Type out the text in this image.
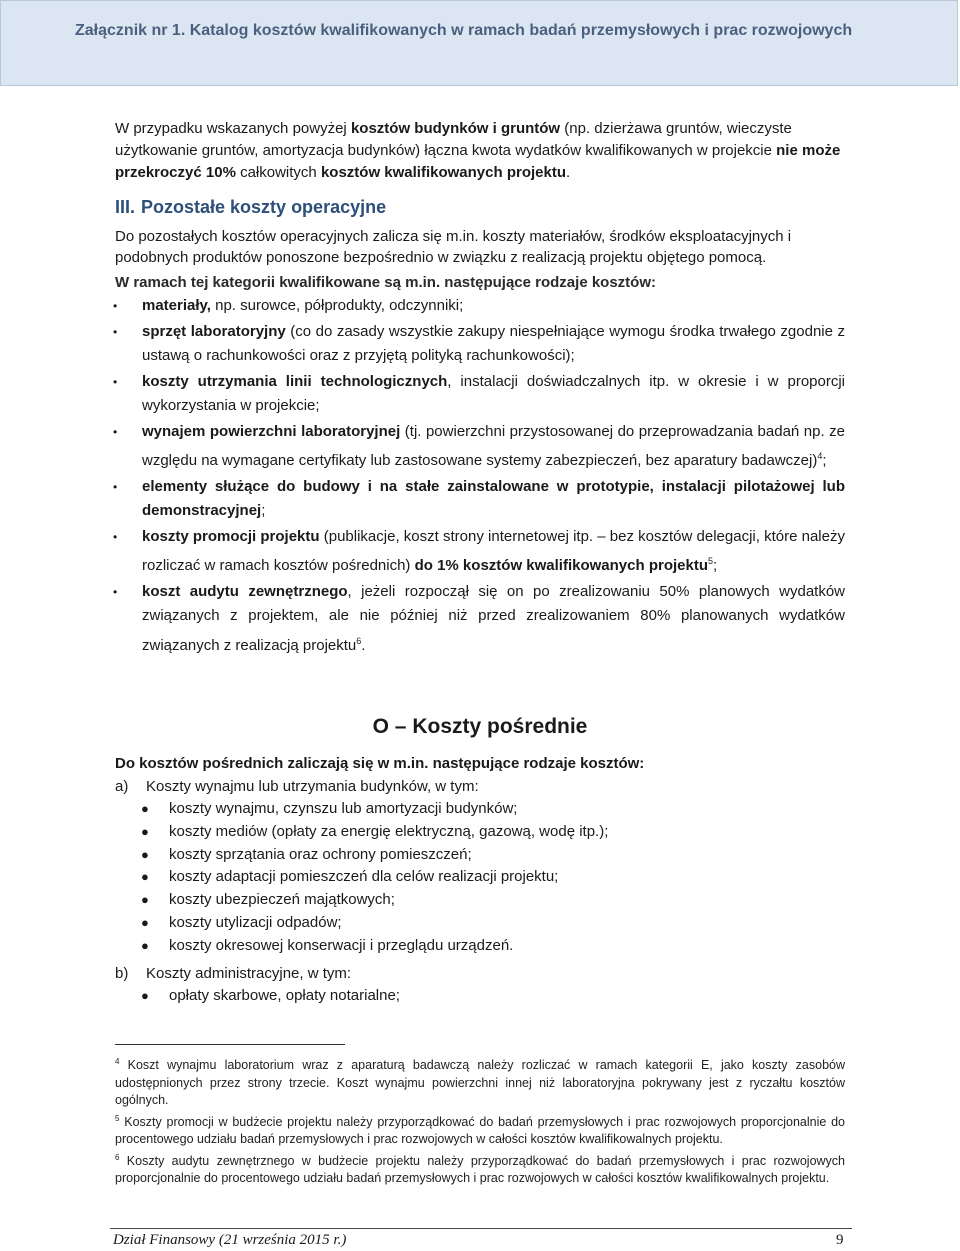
Załącznik nr 1. Katalog kosztów kwalifikowanych w ramach badań przemysłowych i prac rozwojowych

W przypadku wskazanych powyżej kosztów budynków i gruntów (np. dzierżawa gruntów, wieczyste użytkowanie gruntów, amortyzacja budynków) łączna kwota wydatków kwalifikowanych w projekcie nie może przekroczyć 10% całkowitych kosztów kwalifikowanych projektu.

III. Pozostałe koszty operacyjne

Do pozostałych kosztów operacyjnych zalicza się m.in. koszty materiałów, środków eksploatacyjnych i podobnych produktów ponoszone bezpośrednio w związku z realizacją projektu objętego pomocą.

W ramach tej kategorii kwalifikowane są m.in. następujące rodzaje kosztów:

• materiały, np. surowce, półprodukty, odczynniki;
• sprzęt laboratoryjny (co do zasady wszystkie zakupy niespełniające wymogu środka trwałego zgodnie z ustawą o rachunkowości oraz z przyjętą polityką rachunkowości);
• koszty utrzymania linii technologicznych, instalacji doświadczalnych itp. w okresie i w proporcji wykorzystania w projekcie;
• wynajem powierzchni laboratoryjnej (tj. powierzchni przystosowanej do przeprowadzania badań np. ze względu na wymagane certyfikaty lub zastosowane systemy zabezpieczeń, bez aparatury badawczej)$^4$;
• elementy służące do budowy i na stałe zainstalowane w prototypie, instalacji pilotażowej lub demonstracyjnej;
• koszty promocji projektu (publikacje, koszt strony internetowej itp. – bez kosztów delegacji, które należy rozliczać w ramach kosztów pośrednich) do 1% kosztów kwalifikowanych projektu$^5$;
• koszt audytu zewnętrznego, jeżeli rozpoczął się on po zrealizowaniu 50% planowych wydatków związanych z projektem, ale nie później niż przed zrealizowaniem 80% planowanych wydatków związanych z realizacją projektu$^6$.
O – Koszty pośrednie

Do kosztów pośrednich zaliczają się w m.in. następujące rodzaje kosztów:

a) Koszty wynajmu lub utrzymania budynków, w tym:
● koszty wynajmu, czynszu lub amortyzacji budynków;
● koszty mediów (opłaty za energię elektryczną, gazową, wodę itp.);
● koszty sprzątania oraz ochrony pomieszczeń;
● koszty adaptacji pomieszczeń dla celów realizacji projektu;
● koszty ubezpieczeń majątkowych;
● koszty utylizacji odpadów;
● koszty okresowej konserwacji i przeglądu urządzeń.
b) Koszty administracyjne, w tym:
● opłaty skarbowe, opłaty notarialne;
$^4$ Koszt wynajmu laboratorium wraz z aparaturą badawczą należy rozliczać w ramach kategorii E, jako koszty zasobów udostępnionych przez strony trzecie. Koszt wynajmu powierzchni innej niż laboratoryjna pokrywany jest z ryczałtu kosztów ogólnych.
$^5$ Koszty promocji w budżecie projektu należy przyporządkować do badań przemysłowych i prac rozwojowych proporcjonalnie do procentowego udziału badań przemysłowych i prac rozwojowych w całości kosztów kwalifikowalnych projektu.
$^6$ Koszty audytu zewnętrznego w budżecie projektu należy przyporządkować do badań przemysłowych i prac rozwojowych proporcjonalnie do procentowego udziału badań przemysłowych i prac rozwojowych w całości kosztów kwalifikowalnych projektu.
Dział Finansowy (21 września 2015 r.)	9
